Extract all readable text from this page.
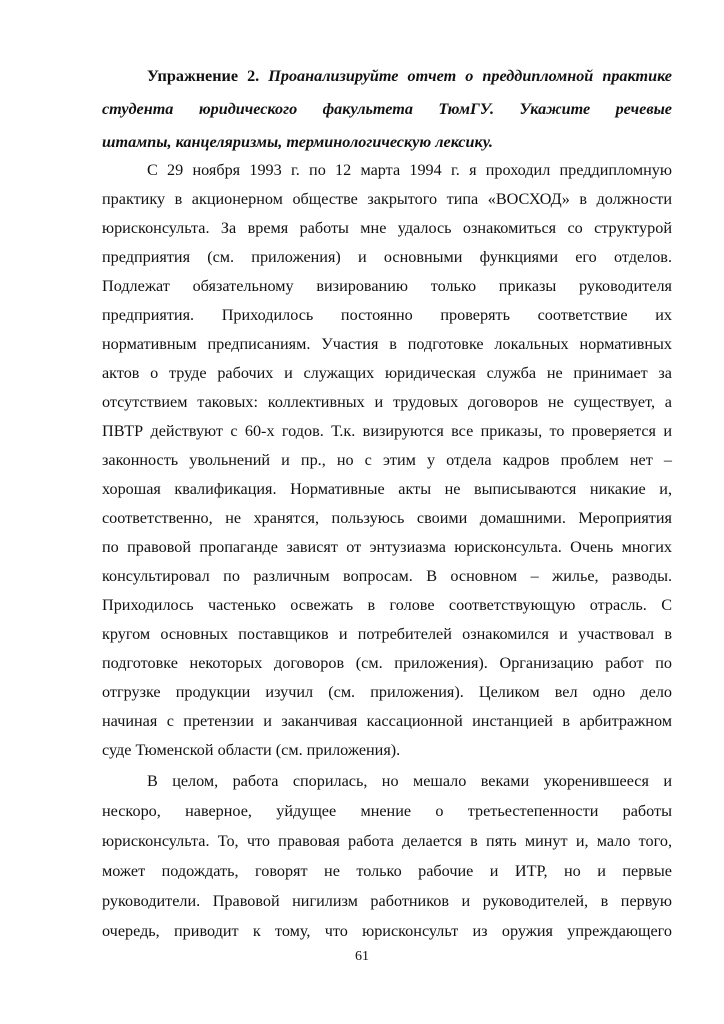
Упражнение 2. Проанализируйте отчет о преддипломной практике
студента юридического факультета ТюмГУ. Укажите речевые
штампы, канцеляризмы, терминологическую лексику.
С 29 ноября 1993 г. по 12 марта 1994 г. я проходил преддипломную
практику в акционерном обществе закрытого типа «ВОСХОД» в должности
юрисконсульта. За время работы мне удалось ознакомиться со структурой
предприятия (см. приложения) и основными функциями его отделов.
Подлежат обязательному визированию только приказы руководителя
предприятия. Приходилось постоянно проверять соответствие их
нормативным предписаниям. Участия в подготовке локальных нормативных
актов о труде рабочих и служащих юридическая служба не принимает за
отсутствием таковых: коллективных и трудовых договоров не существует, а
ПВТР действуют с 60-х годов. Т.к. визируются все приказы, то проверяется и
законность увольнений и пр., но с этим у отдела кадров проблем нет –
хорошая квалификация. Нормативные акты не выписываются никакие и,
соответственно, не хранятся, пользуюсь своими домашними. Мероприятия
по правовой пропаганде зависят от энтузиазма юрисконсульта. Очень многих
консультировал по различным вопросам. В основном – жилье, разводы.
Приходилось частенько освежать в голове соответствующую отрасль. С
кругом основных поставщиков и потребителей ознакомился и участвовал в
подготовке некоторых договоров (см. приложения). Организацию работ по
отгрузке продукции изучил (см. приложения). Целиком вел одно дело
начиная с претензии и заканчивая кассационной инстанцией в арбитражном
суде Тюменской области (см. приложения).
В целом, работа спорилась, но мешало веками укоренившееся и
нескоро, наверное, уйдущее мнение о третьестепенности работы
юрисконсульта. То, что правовая работа делается в пять минут и, мало того,
может подождать, говорят не только рабочие и ИТР, но и первые
руководители. Правовой нигилизм работников и руководителей, в первую
очередь, приводит к тому, что юрисконсульт из оружия упреждающего
61
